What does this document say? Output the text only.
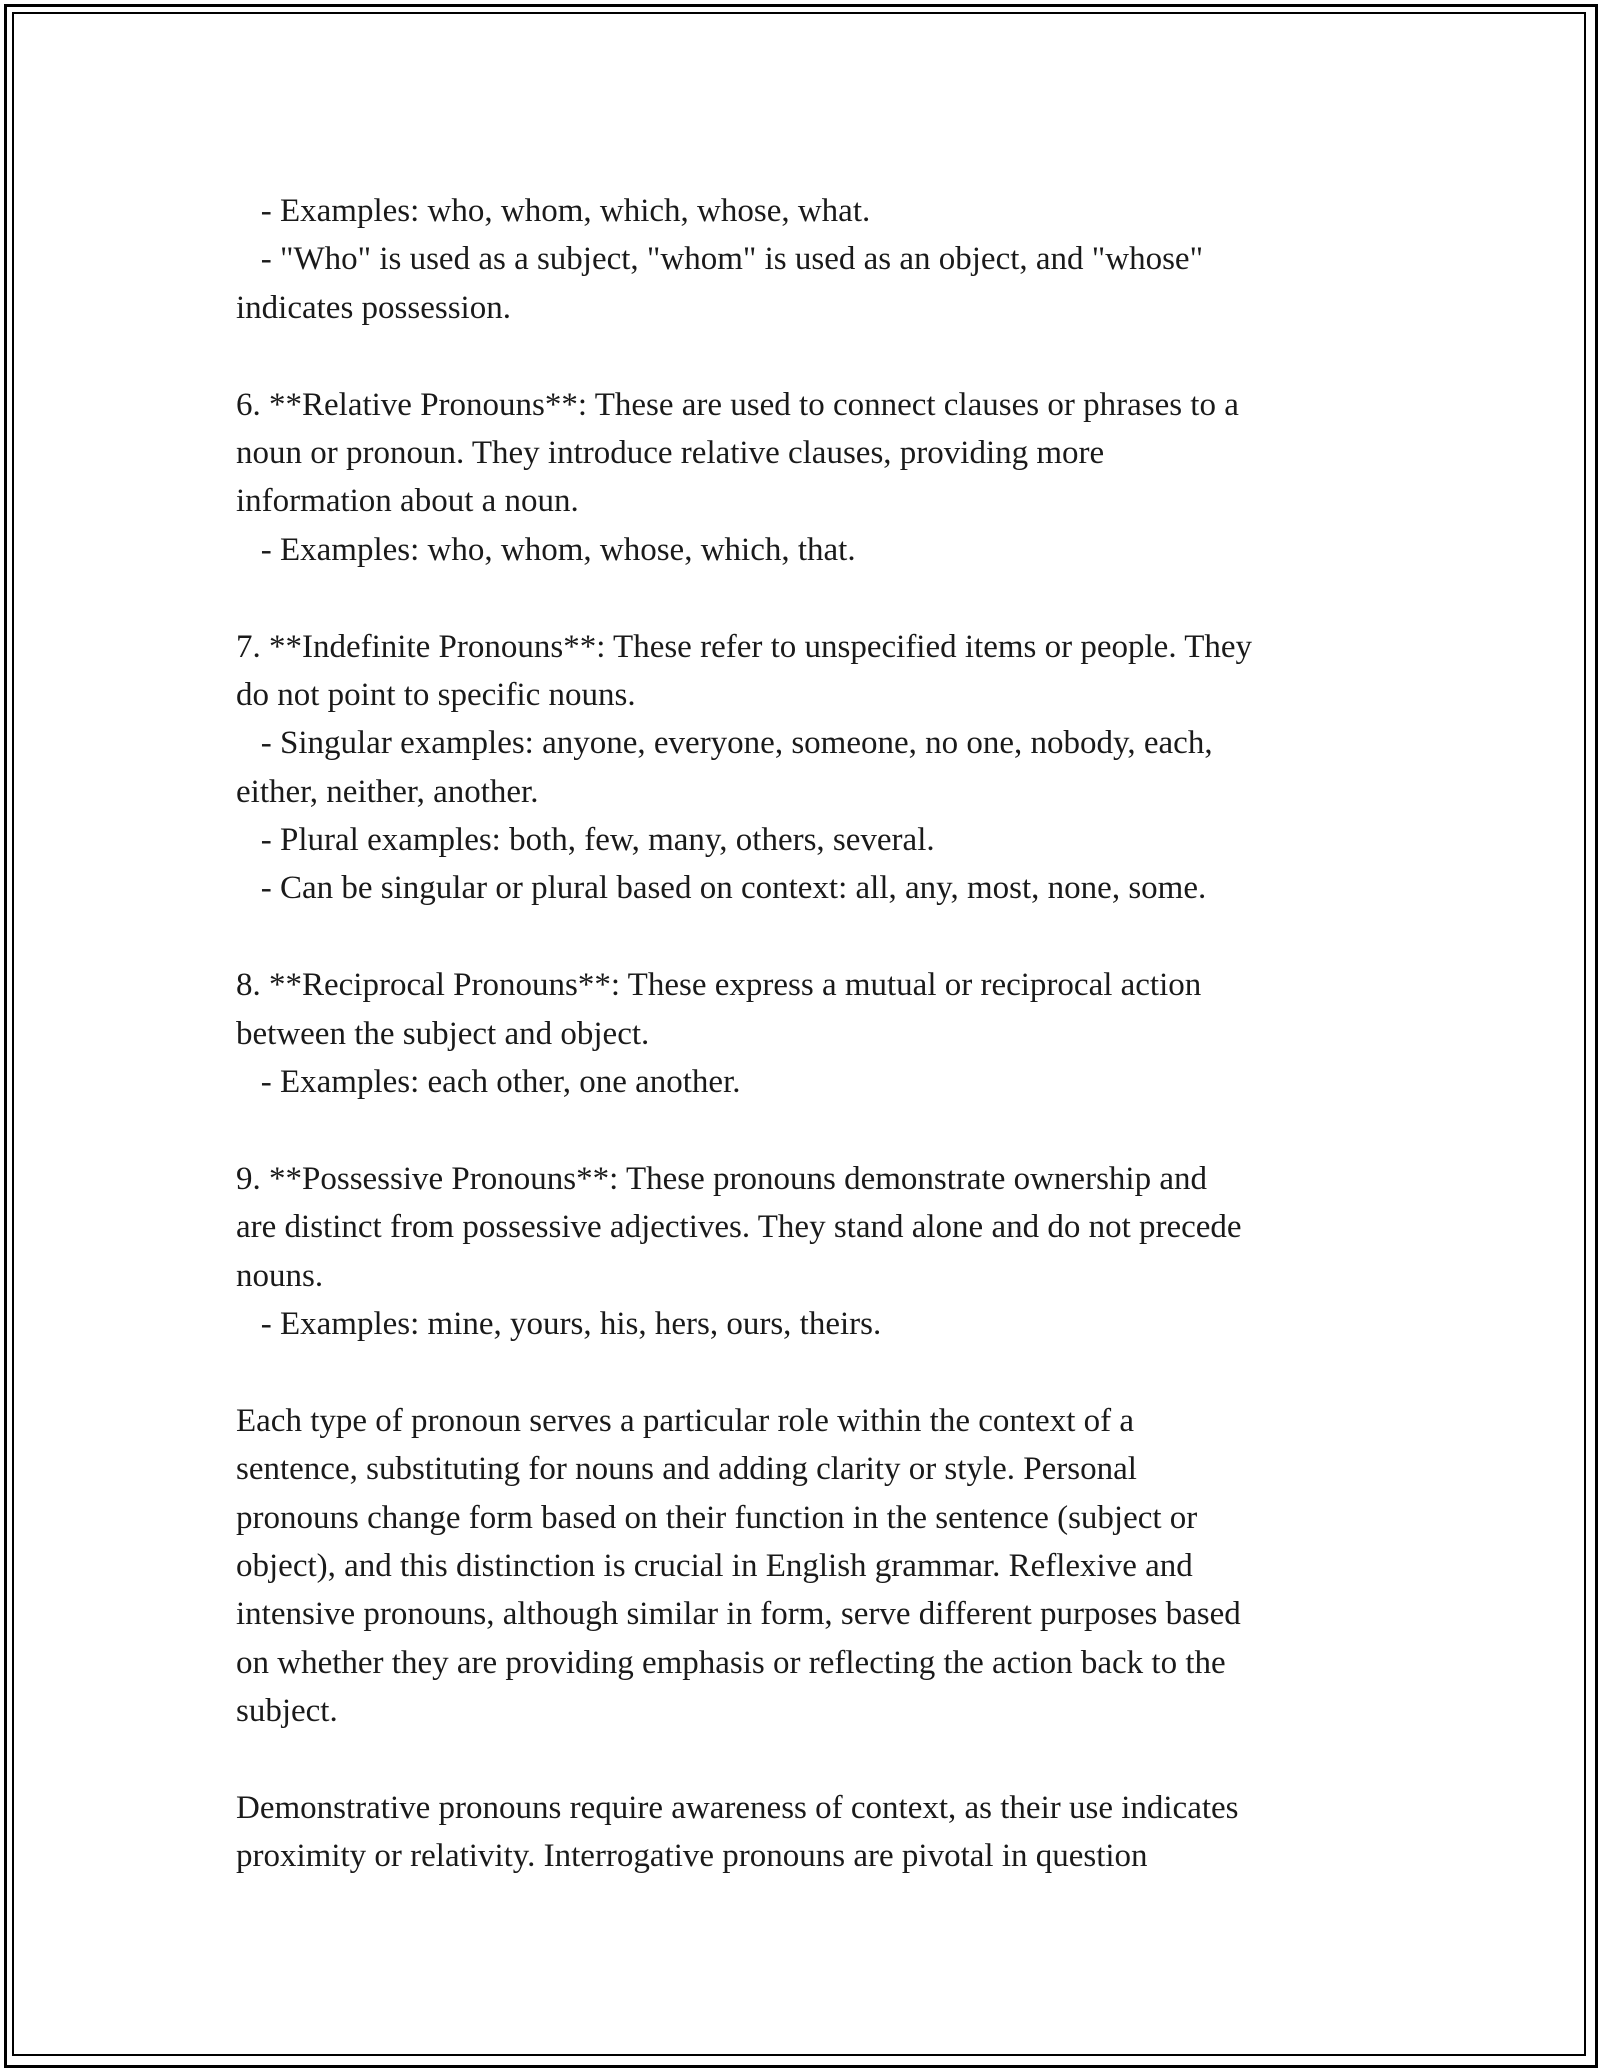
- Examples: who, whom, which, whose, what.
- "Who" is used as a subject, "whom" is used as an object, and "whose"
indicates possession.
6. **Relative Pronouns**: These are used to connect clauses or phrases to a
noun or pronoun. They introduce relative clauses, providing more
information about a noun.
- Examples: who, whom, whose, which, that.
7. **Indefinite Pronouns**: These refer to unspecified items or people. They
do not point to specific nouns.
- Singular examples: anyone, everyone, someone, no one, nobody, each,
either, neither, another.
- Plural examples: both, few, many, others, several.
- Can be singular or plural based on context: all, any, most, none, some.
8. **Reciprocal Pronouns**: These express a mutual or reciprocal action
between the subject and object.
- Examples: each other, one another.
9. **Possessive Pronouns**: These pronouns demonstrate ownership and
are distinct from possessive adjectives. They stand alone and do not precede
nouns.
- Examples: mine, yours, his, hers, ours, theirs.
Each type of pronoun serves a particular role within the context of a
sentence, substituting for nouns and adding clarity or style. Personal
pronouns change form based on their function in the sentence (subject or
object), and this distinction is crucial in English grammar. Reflexive and
intensive pronouns, although similar in form, serve different purposes based
on whether they are providing emphasis or reflecting the action back to the
subject.
Demonstrative pronouns require awareness of context, as their use indicates
proximity or relativity. Interrogative pronouns are pivotal in question
